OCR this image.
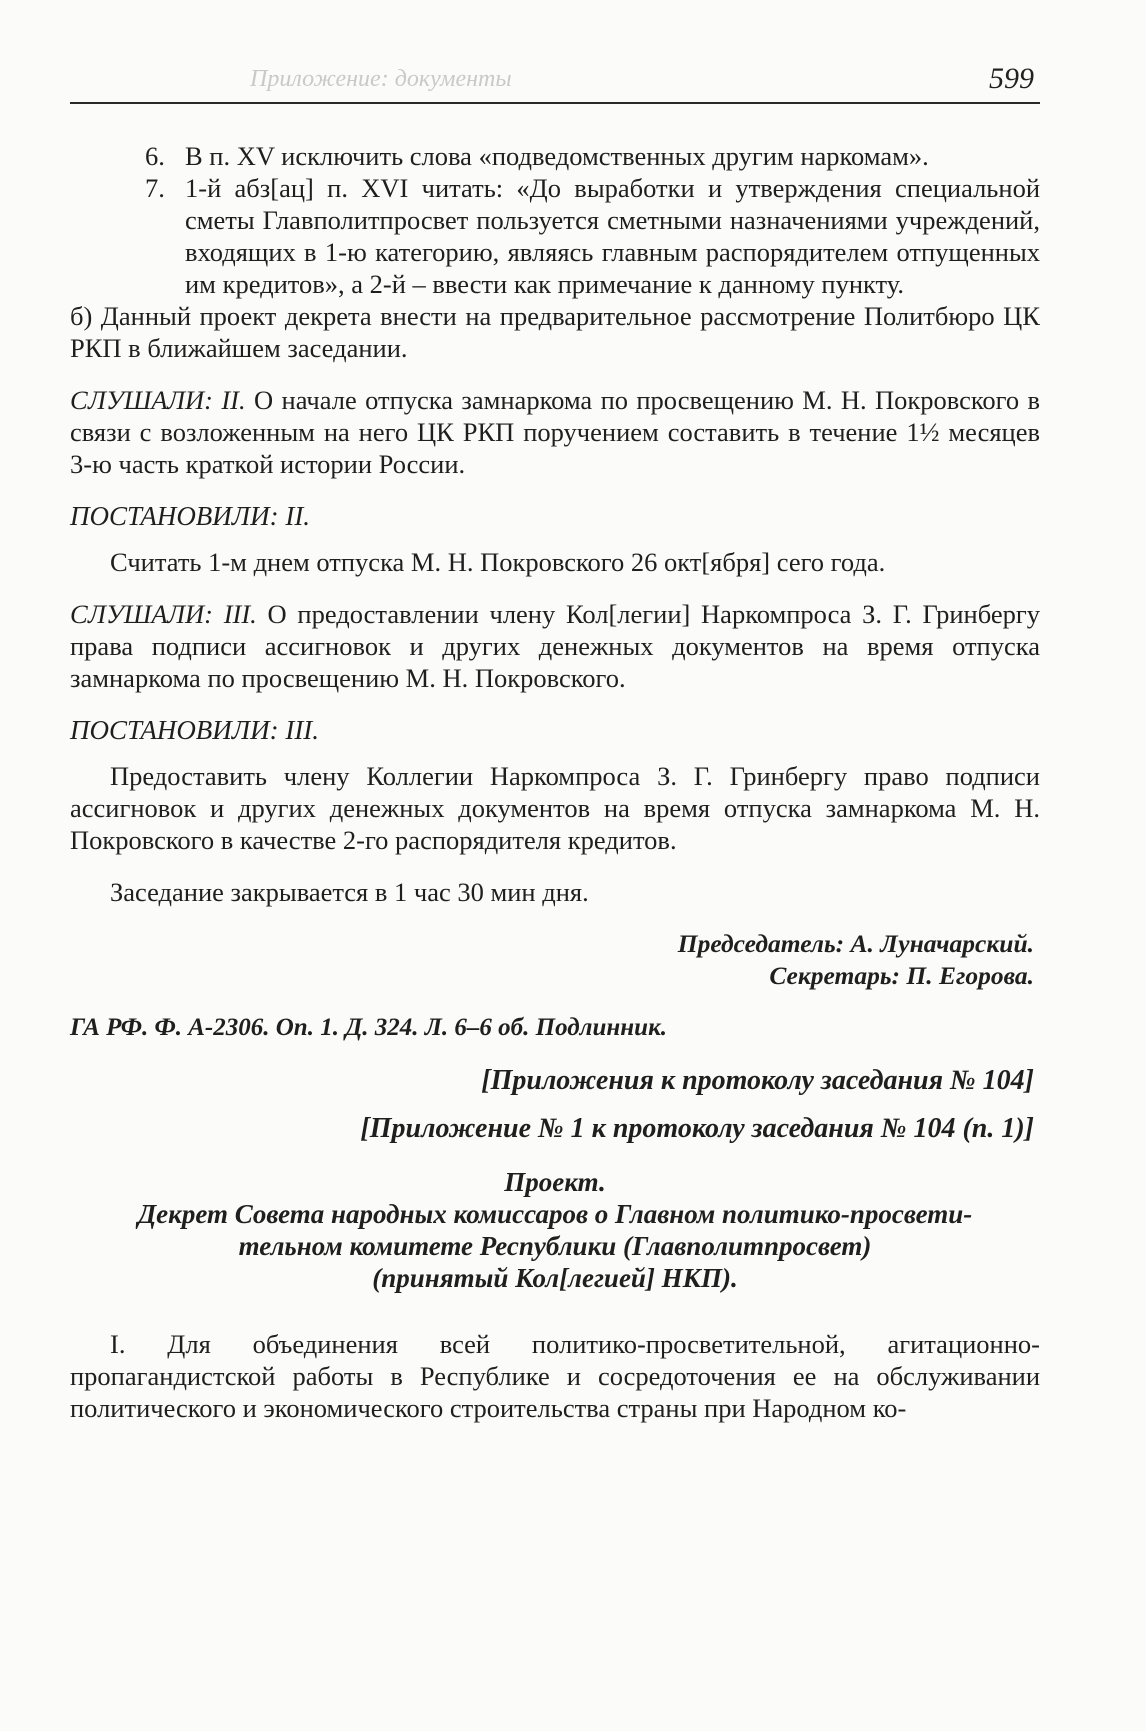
Приложение: документы	599

6. В п. XV исключить слова «подведомственных другим наркомам».

7. 1-й абз[ац] п. XVI читать: «До выработки и утверждения специальной сметы Главполитпросвет пользуется сметными назначениями учреждений, входящих в 1-ю категорию, являясь главным распорядителем отпущенных им кредитов», а 2-й – ввести как примечание к данному пункту.

б) Данный проект декрета внести на предварительное рассмотрение Политбюро ЦК РКП в ближайшем заседании.

СЛУШАЛИ: II. О начале отпуска замнаркома по просвещению М. Н. Покровского в связи с возложенным на него ЦК РКП поручением составить в течение 1½ месяцев 3-ю часть краткой истории России.

ПОСТАНОВИЛИ: II.

Считать 1-м днем отпуска М. Н. Покровского 26 окт[ября] сего года.

СЛУШАЛИ: III. О предоставлении члену Кол[легии] Наркомпроса З. Г. Гринбергу права подписи ассигновок и других денежных документов на время отпуска замнаркома по просвещению М. Н. Покровского.

ПОСТАНОВИЛИ: III.

Предоставить члену Коллегии Наркомпроса З. Г. Гринбергу право подписи ассигновок и других денежных документов на время отпуска замнаркома М. Н. Покровского в качестве 2-го распорядителя кредитов.

Заседание закрывается в 1 час 30 мин дня.

Председатель: А. Луначарский.

Секретарь: П. Егорова.

ГА РФ. Ф. А-2306. Оп. 1. Д. 324. Л. 6–6 об. Подлинник.

[Приложения к протоколу заседания № 104]

[Приложение № 1 к протоколу заседания № 104 (п. 1)]

Проект.

Декрет Совета народных комиссаров о Главном политико-просвети-

тельном комитете Республики (Главполитпросвет)

(принятый Кол[легией] НКП).

I. Для объединения всей политико-просветительной, агитационно-пропагандистской работы в Республике и сосредоточения ее на обслуживании политического и экономического строительства страны при Народном ко-
